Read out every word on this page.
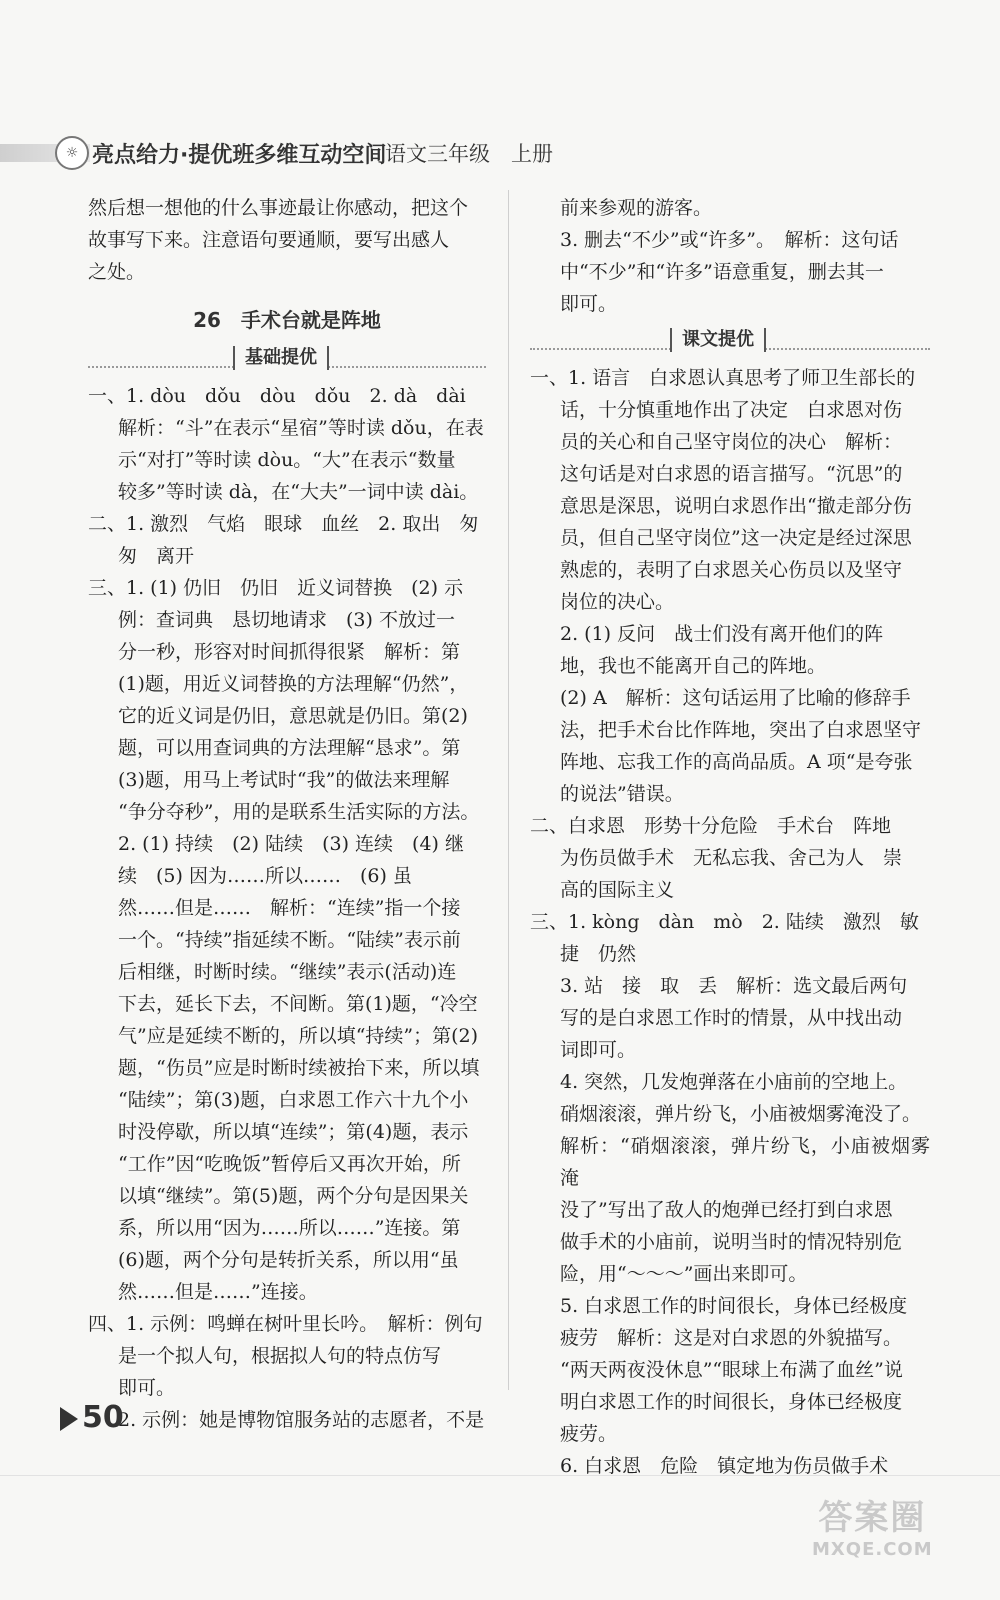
☼ 亮点给力·提优班多维互动空间
语文三年级　上册

然后想一想他的什么事迹最让你感动，把这个

故事写下来。注意语句要通顺，要写出感人

之处。

26　手术台就是阵地
基础提优

一、1. dòu　dǒu　dòu　dǒu　2. dà　dài

解析：“斗”在表示“星宿”等时读 dǒu，在表

示“对打”等时读 dòu。“大”在表示“数量

较多”等时读 dà，在“大夫”一词中读 dài。

二、1. 激烈　气焰　眼球　血丝　2. 取出　匆

匆　离开

三、1. (1) 仍旧　仍旧　近义词替换　(2) 示

例：查词典　恳切地请求　(3) 不放过一

分一秒，形容对时间抓得很紧　解析：第

(1)题，用近义词替换的方法理解“仍然”，

它的近义词是仍旧，意思就是仍旧。第(2)

题，可以用查词典的方法理解“恳求”。第

(3)题，用马上考试时“我”的做法来理解

“争分夺秒”，用的是联系生活实际的方法。

2. (1) 持续　(2) 陆续　(3) 连续　(4) 继

续　(5) 因为……所以……　(6) 虽

然……但是……　解析：“连续”指一个接

一个。“持续”指延续不断。“陆续”表示前

后相继，时断时续。“继续”表示(活动)连

下去，延长下去，不间断。第(1)题，“冷空

气”应是延续不断的，所以填“持续”；第(2)

题，“伤员”应是时断时续被抬下来，所以填

“陆续”；第(3)题，白求恩工作六十九个小

时没停歇，所以填“连续”；第(4)题，表示

“工作”因“吃晚饭”暂停后又再次开始，所

以填“继续”。第(5)题，两个分句是因果关

系，所以用“因为……所以……”连接。第

(6)题，两个分句是转折关系，所以用“虽

然……但是……”连接。

四、1. 示例：鸣蝉在树叶里长吟。　解析：例句

是一个拟人句，根据拟人句的特点仿写

即可。

2. 示例：她是博物馆服务站的志愿者，不是

前来参观的游客。

3. 删去“不少”或“许多”。　解析：这句话

中“不少”和“许多”语意重复，删去其一

即可。

课文提优

一、1. 语言　白求恩认真思考了师卫生部长的

话，十分慎重地作出了决定　白求恩对伤

员的关心和自己坚守岗位的决心　解析：

这句话是对白求恩的语言描写。“沉思”的

意思是深思，说明白求恩作出“撤走部分伤

员，但自己坚守岗位”这一决定是经过深思

熟虑的，表明了白求恩关心伤员以及坚守

岗位的决心。

2. (1) 反问　战士们没有离开他们的阵

地，我也不能离开自己的阵地。

(2) A　解析：这句话运用了比喻的修辞手

法，把手术台比作阵地，突出了白求恩坚守

阵地、忘我工作的高尚品质。A 项“是夸张

的说法”错误。

二、白求恩　形势十分危险　手术台　阵地

为伤员做手术　无私忘我、舍己为人　崇

高的国际主义

三、1. kòng　dàn　mò　2. 陆续　激烈　敏

捷　仍然

3. 站　接　取　丢　解析：选文最后两句

写的是白求恩工作时的情景，从中找出动

词即可。

4. 突然，几发炮弹落在小庙前的空地上。

硝烟滚滚，弹片纷飞，小庙被烟雾淹没了。

解析：“硝烟滚滚，弹片纷飞，小庙被烟雾淹

没了”写出了敌人的炮弹已经打到白求恩

做手术的小庙前，说明当时的情况特别危

险，用“～～～”画出来即可。

5. 白求恩工作的时间很长，身体已经极度

疲劳　解析：这是对白求恩的外貌描写。

“两天两夜没休息”“眼球上布满了血丝”说

明白求恩工作的时间很长，身体已经极度

疲劳。

6. 白求恩　危险　镇定地为伤员做手术

50
答案圈
MXQE.COM
